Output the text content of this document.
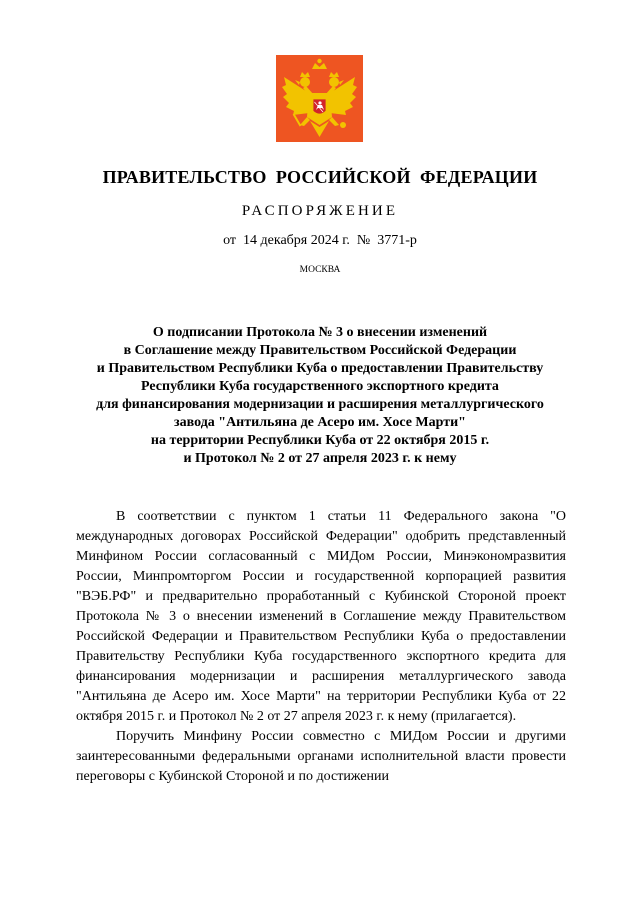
ПРАВИТЕЛЬСТВО  РОССИЙСКОЙ  ФЕДЕРАЦИИ
РАСПОРЯЖЕНИЕ
от  14 декабря 2024 г.  №  3771-р
МОСКВА
О подписании Протокола № 3 о внесении изменений
в Соглашение между Правительством Российской Федерации
и Правительством Республики Куба о предоставлении Правительству
Республики Куба государственного экспортного кредита
для финансирования модернизации и расширения металлургического
завода "Антильяна де Асеро им. Хосе Марти"
на территории Республики Куба от 22 октября 2015 г.
и Протокол № 2 от 27 апреля 2023 г. к нему

В соответствии с пунктом 1 статьи 11 Федерального закона "О международных договорах Российской Федерации" одобрить представленный Минфином России согласованный с МИДом России, Минэкономразвития России, Минпромторгом России и государственной корпорацией развития "ВЭБ.РФ" и предварительно проработанный с Кубинской Стороной проект Протокола № 3 о внесении изменений в Соглашение между Правительством Российской Федерации и Правительством Республики Куба о предоставлении Правительству Республики Куба государственного экспортного кредита для финансирования модернизации и расширения металлургического завода "Антильяна де Асеро им. Хосе Марти" на территории Республики Куба от 22 октября 2015 г. и Протокол № 2 от 27 апреля 2023 г. к нему (прилагается).

Поручить Минфину России совместно с МИДом России и другими заинтересованными федеральными органами исполнительной власти провести переговоры с Кубинской Стороной и по достижении
